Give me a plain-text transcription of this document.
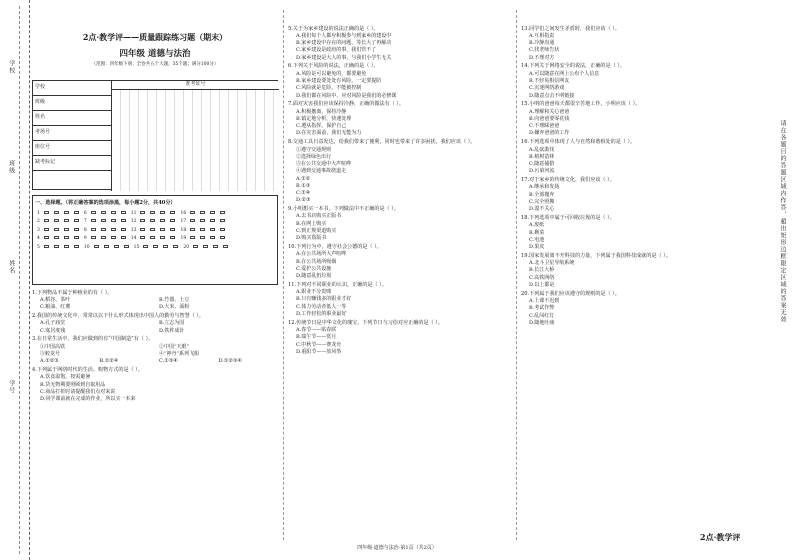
学校
班级
姓名
学号
2点·教学评——质量跟踪练习题（期末）
四年级 道德与法治
（范围：四年级下册；全卷共五个大题，35个题；满分100分）
学校
班级
姓名
考场号
座位号
缺考标记
准考证号
一、选择题。（将正确答案的选项涂黑，每小题2分，共40分）
1	6	11	16
2	7	12	17
3	8	13	18
4	9	14	19
5	10	15	20
1.下列物品不属于种植业的有（ ）。
A.稻谷、茶叶	B.竹器、土豆
C.粮油、红薯	D.大米、面粉
2.我国的传统文化中，常常以以下什么形式体现出中国人的勤劳与智慧（ ）。
A.孔子庙堂	B.立志为国
C.寡居度残	D.铁杵成针
3.在日常生活中，我们应做到的有“中国制造”有（ ）。
①中国高铁	②中国“天眼”
③蛟龙号	④“神舟”系列飞船
A.①②③	B.①②④	C.①③④	D.①②③④
4.下列属于网络时代的生活、购物方式的是（ ）。
A.饮食温饱，按需避暑
B.货无物期要照顾到自取用品
C.商品打折时请提醒我们点对来说
D.同学课前就在完成的作业，所以买一本来
5.关于为家乡建设的说法正确的是（ ）。
A.我们每个人都应积极参与到家乡的建设中
B.家乡建设中存在的问题，等长大了再解决
C.家乡建设是政府的事，我们管不了
D.家乡建设是大人的事，与我们小学生无关
6.下列关于风险的说法，正确的是（ ）。
A.风险是可以避免的，都要避免
B.家乡建设要处处有风险，一定要提防
C.风险就是危险，不能被控制
D.我们都在风险中，应对风险是我们的必修课
7.面对灾害我们应该保持冷静，正确的做法有（ ）。
A.积极撤离，保持冷静
B.镇定地分析，快速处理
C.遵从指挥，保护自己
D.在灾害面前，我们无能为力
8.交通工具日益发达，给我们带来了便利，同时也带来了许多困扰，我们应该（ ）。
①遵守交通规则
②选择绿色出行
③在公共交通中大声喧哗
④遇到交通事故绕道走
A.①②
B.①③
C.①④
D.②③
9.小明想买一本书，下列做法中不正确的是（ ）。
A.去书店购买正版书
B.在网上购买
C.到正规渠道购买
D.购买盗版书
10.下列行为中，遵守社会公德的是（ ）。
A.在公共场所大声喧哗
B.在公共场所吸烟
C.爱护公共设施
D.随意乱扔垃圾
11.下列对不同职业的认识，正确的是（ ）。
A.职业不分贵贱
B.只有赚钱多的职业才好
C.体力劳动者低人一等
D.工作轻松的职业最好
12.传统节日是中华文化的瑰宝，下列节日与习俗对应正确的是（ ）。
A.春节——贴春联
B.端午节——赏月
C.中秋节——赛龙舟
D.重阳节——放风筝
13.同学们之间发生矛盾时，我们应该（ ）。
A.互相指责
B.冷静沟通
C.找老师告状
D.不理对方
14.下列关于网络安全的说法，正确的是（ ）。
A.可以随意在网上公布个人信息
B.不轻易相信网友
C.沉迷网络游戏
D.随意点击不明链接
15.小明的爸爸每天都很辛苦地工作，小明应该（ ）。
A.理解和关心爸爸
B.向爸爸要零花钱
C.不理睬爸爸
D.嫌弃爸爸的工作
16.下列选项中体现了人与自然和谐相处的是（ ）。
A.乱砍滥伐
B.植树造林
C.随意捕猎
D.污染河流
17.对于家乡的传统文化，我们应该（ ）。
A.继承和发扬
B.全部抛弃
C.完全照搬
D.漠不关心
18.下列选项中属于可回收垃圾的是（ ）。
A.废纸
B.剩菜
C.电池
D.果皮
19.国家发展离不开科技的力量，下列属于我国科技成就的是（ ）。
A.北斗卫星导航系统
B.长江大桥
C.高铁网络
D.以上都是
20.下列属于我们应该遵守的规则的是（ ）。
A.上课不迟到
B.考试作弊
C.乱闯红灯
D.随地吐痰	请在各题目的答题区域内作答，超出矩形边框限定区域的答案无效
四年级·道德与法治·第1页（共2页）
2点·教学评
